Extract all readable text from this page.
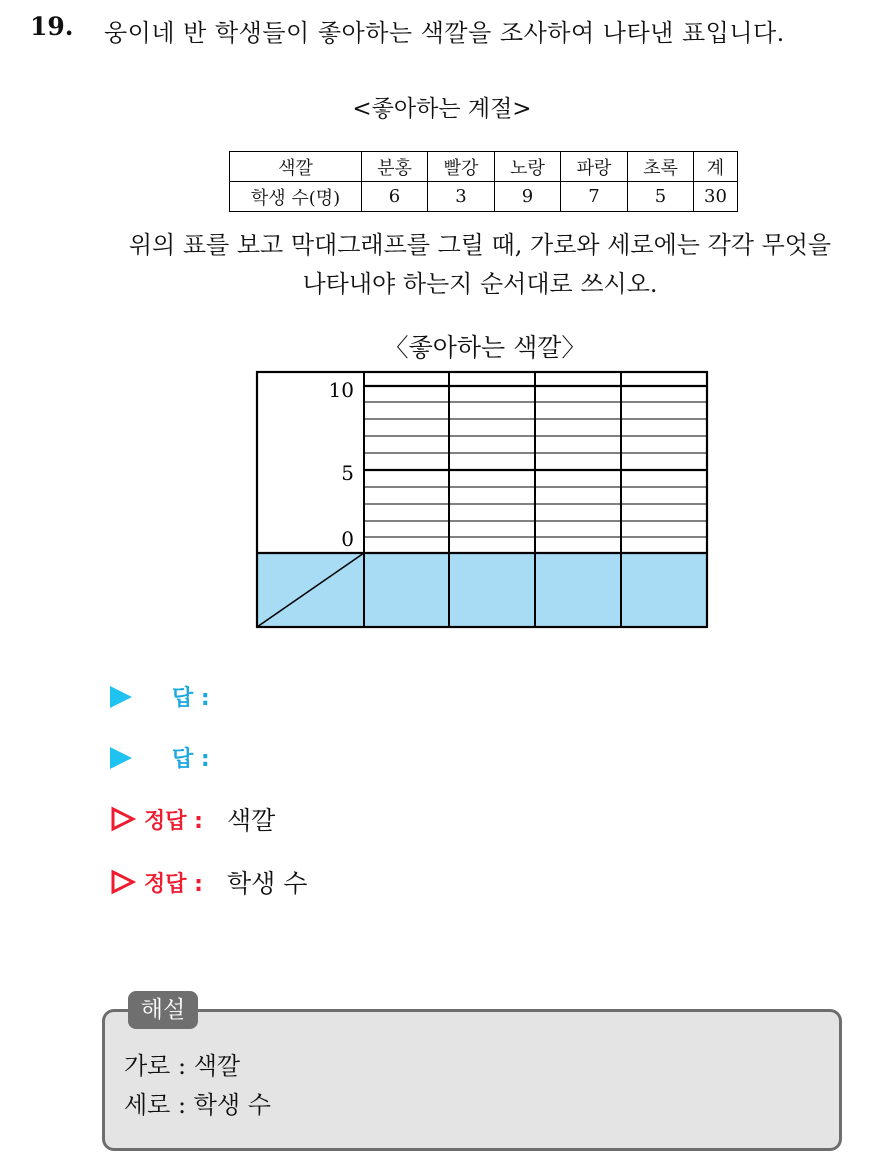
19. 웅이네 반 학생들이 좋아하는 색깔을 조사하여 나타낸 표입니다.
<좋아하는 계절>
색깔	분홍	빨강	노랑	파랑	초록	계
학생 수(명)	6	3	9	7	5	30
위의 표를 보고 막대그래프를 그릴 때, 가로와 세로에는 각각 무엇을
나타내야 하는지 순서대로 쓰시오.
〈좋아하는 색깔〉
10
5
0
답 :
답 :
정답 : 색깔
정답 : 학생 수
해설
가로 : 색깔
세로 : 학생 수
